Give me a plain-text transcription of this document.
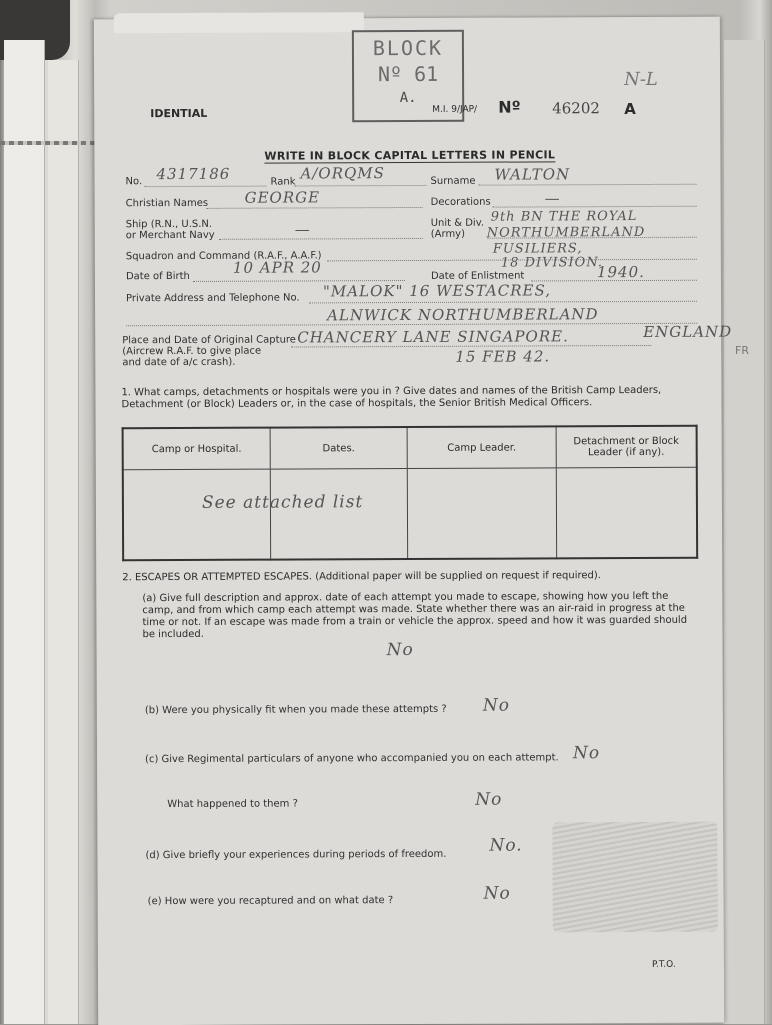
FR
BLOCK
Nº 61
A.
IDENTIAL	M.I. 9/JAP/ Nº 46202 A
N-L
WRITE IN BLOCK CAPITAL LETTERS IN PENCIL
No. 4317186	Rank A/ORQMS	Surname WALTON
Christian Names GEORGE	Decorations	—
Ship (R.N., U.S.N.
or Merchant Navy	—	Unit & Div.
(Army)
9th BN THE ROYAL
NORTHUMBERLAND
FUSILIERS,
18 DIVISION.
Squadron and Command (R.A.F., A.A.F.)
Date of Birth	10 APR 20	Date of Enlistment	1940.
Private Address and Telephone No. "MALOK" 16 WESTACRES,
ALNWICK NORTHUMBERLAND
ENGLAND
Place and Date of Original Capture
(Aircrew R.A.F. to give place
and date of a/c crash).
CHANCERY LANE SINGAPORE.
15 FEB 42.
1. What camps, detachments or hospitals were you in ? Give dates and names of the British Camp Leaders, Detachment (or Block) Leaders or, in the case of hospitals, the Senior British Medical Officers.
Camp or Hospital.	Dates.	Camp Leader.	Detachment or Block Leader (if any).

See attached list
2. ESCAPES OR ATTEMPTED ESCAPES. (Additional paper will be supplied on request if required).
(a) Give full description and approx. date of each attempt you made to escape, showing how you left the camp, and from which camp each attempt was made. State whether there was an air-raid in progress at the time or not. If an escape was made from a train or vehicle the approx. speed and how it was guarded should be included.
No
(b) Were you physically fit when you made these attempts ? No
(c) Give Regimental particulars of anyone who accompanied you on each attempt. No
What happened to them ?	No
(d) Give briefly your experiences during periods of freedom.	No.
(e) How were you recaptured and on what date ?	No
P.T.O.
